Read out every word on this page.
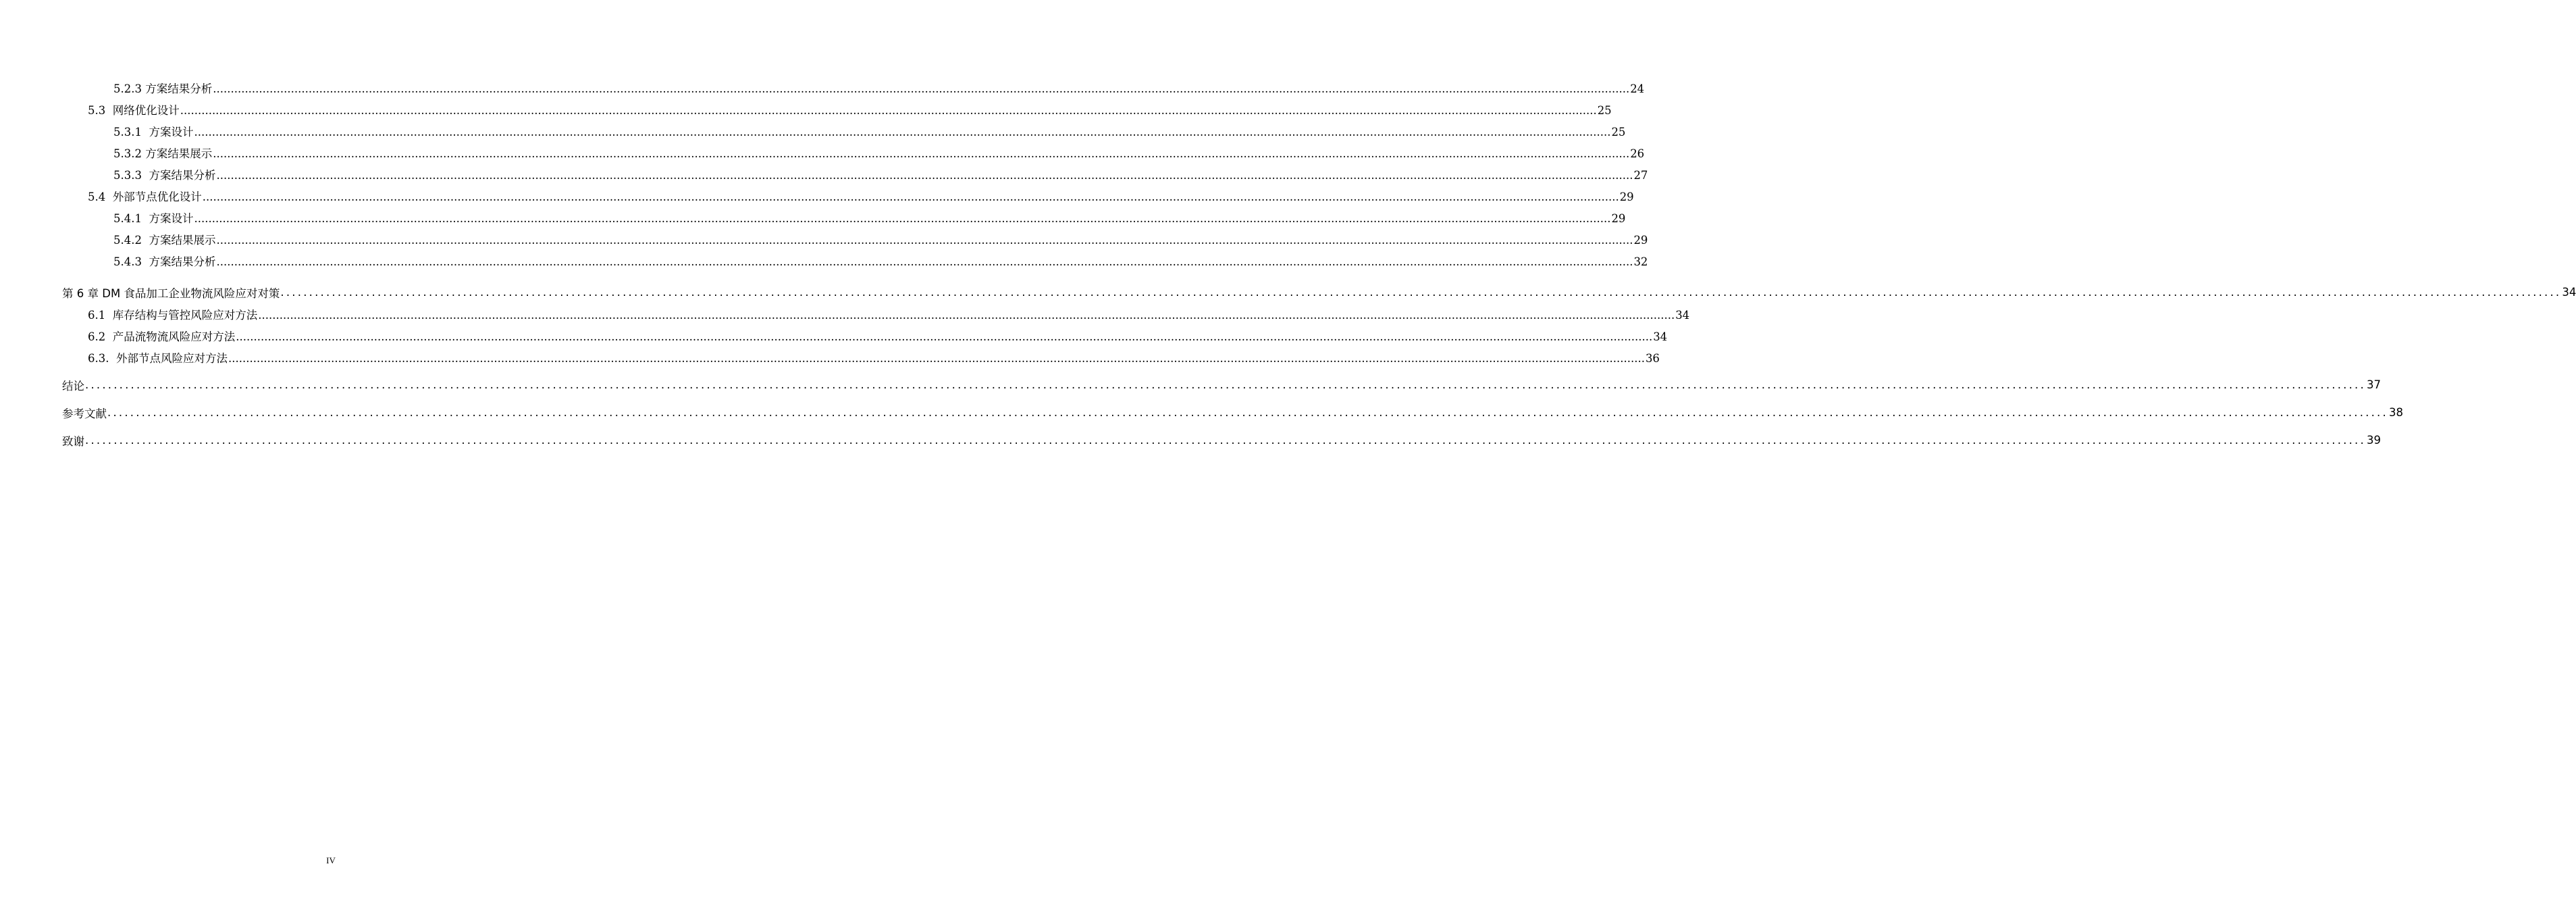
5.2.3 方案结果分析 ................................................................................................................................................................................................................................................................................................................................................................................................................ 24
5.3  网络优化设计 ................................................................................................................................................................................................................................................................................................................................................................................................................ 25
5.3.1  方案设计 ................................................................................................................................................................................................................................................................................................................................................................................................................ 25
5.3.2 方案结果展示 ................................................................................................................................................................................................................................................................................................................................................................................................................ 26
5.3.3  方案结果分析 ................................................................................................................................................................................................................................................................................................................................................................................................................ 27
5.4  外部节点优化设计 ................................................................................................................................................................................................................................................................................................................................................................................................................ 29
5.4.1  方案设计 ................................................................................................................................................................................................................................................................................................................................................................................................................ 29
5.4.2  方案结果展示 ................................................................................................................................................................................................................................................................................................................................................................................................................ 29
5.4.3  方案结果分析 ................................................................................................................................................................................................................................................................................................................................................................................................................ 32
第 6 章 DM 食品加工企业物流风险应对对策 ................................................................................................................................................................................................................................................................................................................................................................................................................ 34
6.1  库存结构与管控风险应对方法 ................................................................................................................................................................................................................................................................................................................................................................................................................ 34
6.2  产品流物流风险应对方法 ................................................................................................................................................................................................................................................................................................................................................................................................................ 34
6.3.  外部节点风险应对方法 ................................................................................................................................................................................................................................................................................................................................................................................................................ 36
结论 ................................................................................................................................................................................................................................................................................................................................................................................................................ 37
参考文献 ................................................................................................................................................................................................................................................................................................................................................................................................................ 38
致谢 ................................................................................................................................................................................................................................................................................................................................................................................................................ 39
IV
